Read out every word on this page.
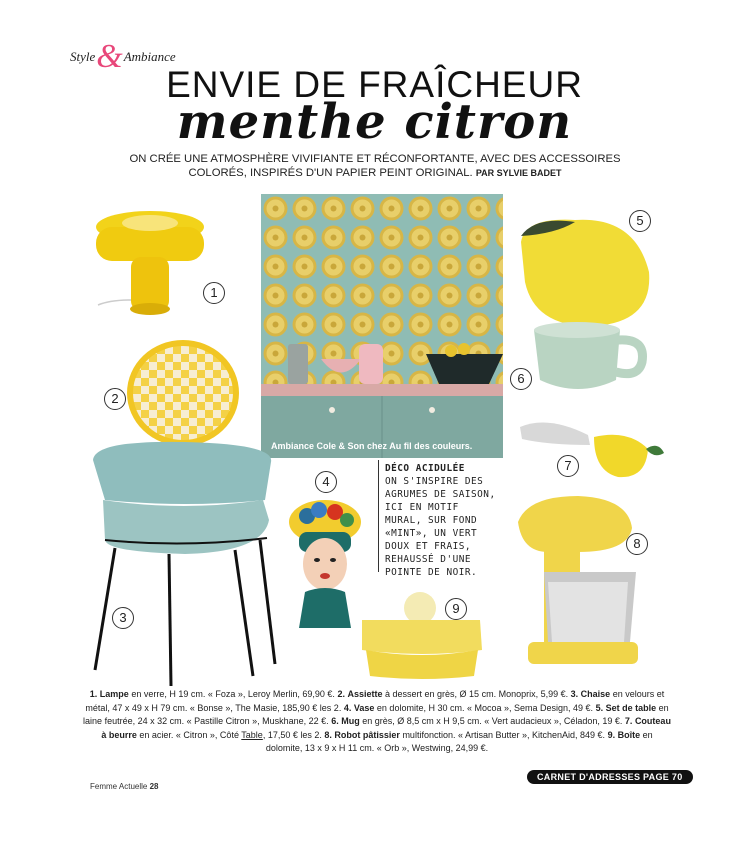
Style&Ambiance
ENVIE DE FRAÎCHEUR
menthe citron
ON CRÉE UNE ATMOSPHÈRE VIVIFIANTE ET RÉCONFORTANTE, AVEC DES ACCESSOIRES COLORÉS, INSPIRÉS D'UN PAPIER PEINT ORIGINAL. PAR SYLVIE BADET
Ambiance Cole & Son chez Au fil des couleurs.
1
2
3
4
DÉCO ACIDULÉE
ON S'INSPIRE DES
AGRUMES DE SAISON,
ICI EN MOTIF
MURAL, SUR FOND
«MINT», UN VERT
DOUX ET FRAIS,
REHAUSSÉ D'UNE
POINTE DE NOIR.
5
6
7
8
9
1. Lampe en verre, H 19 cm. « Foza », Leroy Merlin, 69,90 €. 2. Assiette à dessert en grès, Ø 15 cm. Monoprix, 5,99 €. 3. Chaise en velours et métal, 47 x 49 x H 79 cm. « Bonse », The Masie, 185,90 € les 2. 4. Vase en dolomite, H 30 cm. « Mocoa », Sema Design, 49 €. 5. Set de table en laine feutrée, 24 x 32 cm. « Pastille Citron », Muskhane, 22 €. 6. Mug en grès, Ø 8,5 cm x H 9,5 cm. « Vert audacieux », Céladon, 19 €. 7. Couteau à beurre en acier. « Citron », Côté Table, 17,50 € les 2. 8. Robot pâtissier multifonction. « Artisan Butter », KitchenAid, 849 €. 9. Boîte en dolomite, 13 x 9 x H 11 cm. « Orb », Westwing, 24,99 €.
CARNET D'ADRESSES PAGE 70
Femme Actuelle 28
